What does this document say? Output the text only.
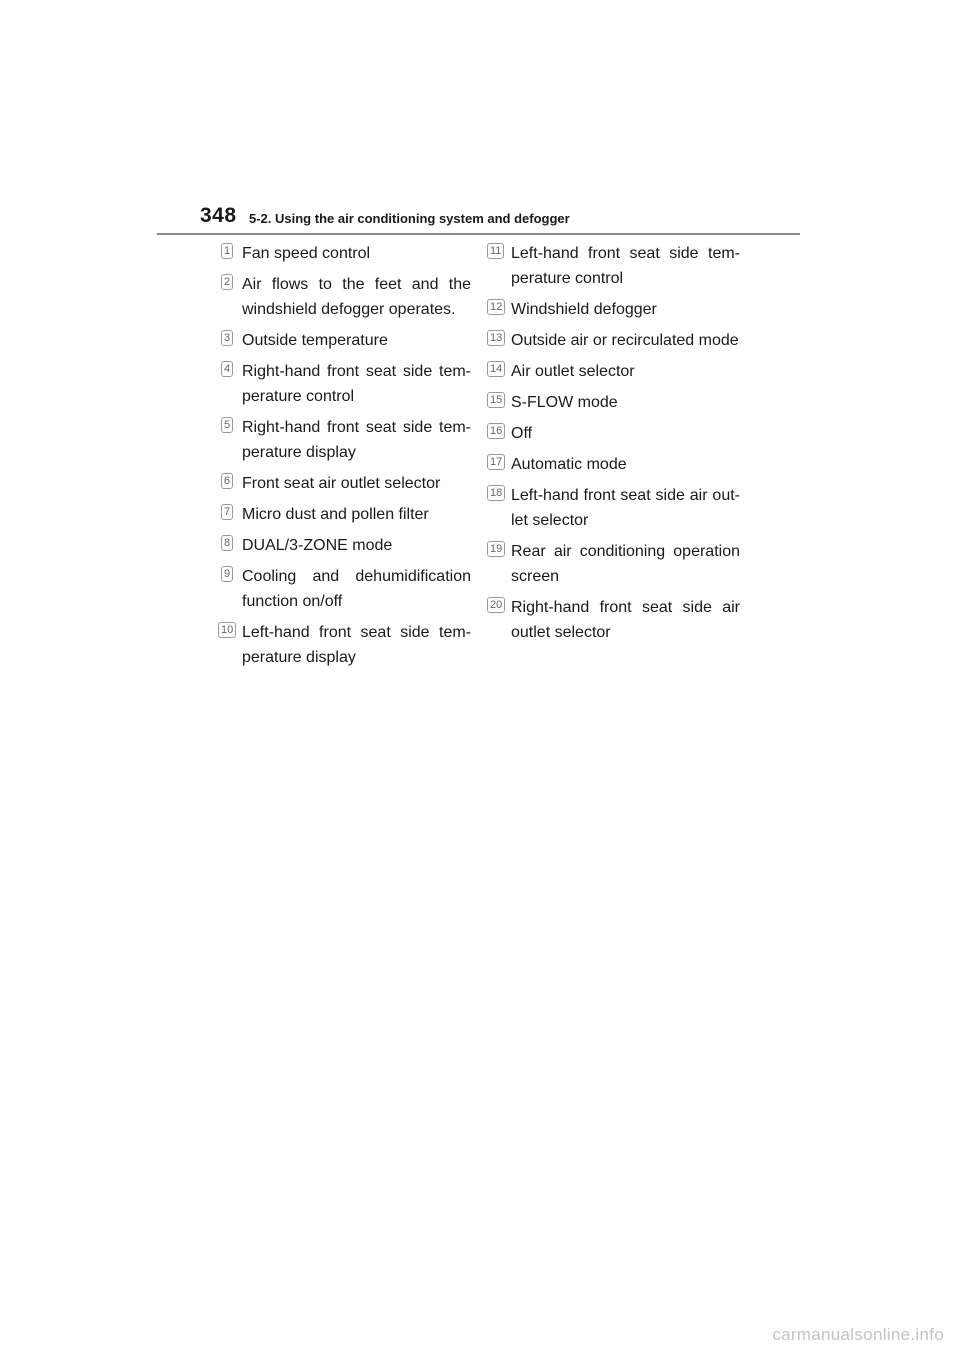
348 5-2. Using the air conditioning system and defogger
1 Fan speed control
2 Air flows to the feet and the windshield defogger operates.
3 Outside temperature
4 Right-hand front seat side tem-perature control
5 Right-hand front seat side tem-perature display
6 Front seat air outlet selector
7 Micro dust and pollen filter
8 DUAL/3-ZONE mode
9 Cooling and dehumidification function on/off
10 Left-hand front seat side tem-perature display
11 Left-hand front seat side tem-perature control
12 Windshield defogger
13 Outside air or recirculated mode
14 Air outlet selector
15 S-FLOW mode
16 Off
17 Automatic mode
18 Left-hand front seat side air out-let selector
19 Rear air conditioning operation screen
20 Right-hand front seat side air outlet selector
carmanualsonline.info
